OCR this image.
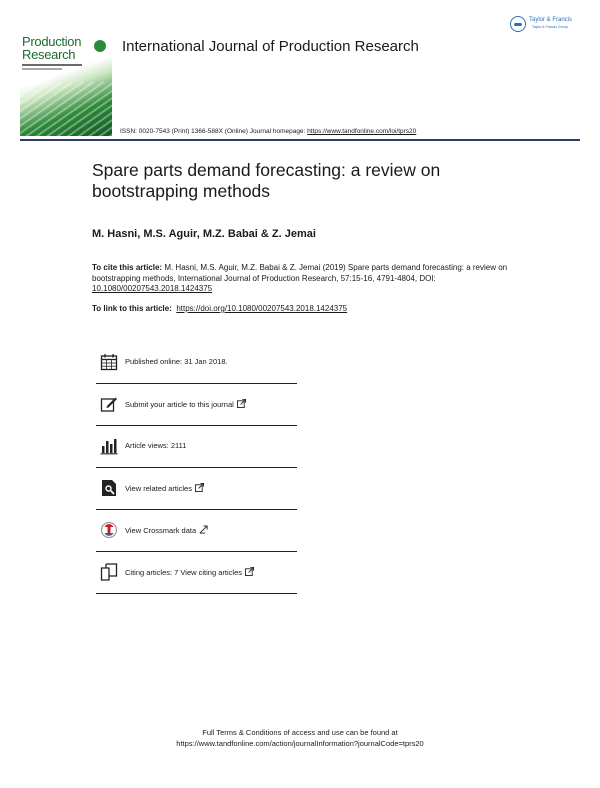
Production
Research	International Journal of Production Research
Taylor & Francis
Taylor & Francis Group
ISSN: 0020-7543 (Print) 1366-588X (Online) Journal homepage: https://www.tandfonline.com/loi/tprs20
Spare parts demand forecasting: a review on bootstrapping methods
M. Hasni, M.S. Aguir, M.Z. Babai & Z. Jemai
To cite this article: M. Hasni, M.S. Aguir, M.Z. Babai & Z. Jemai (2019) Spare parts demand forecasting: a review on bootstrapping methods, International Journal of Production Research, 57:15-16, 4791-4804, DOI: 10.1080/00207543.2018.1424375
To link to this article: https://doi.org/10.1080/00207543.2018.1424375
Published online: 31 Jan 2018.
Submit your article to this journal
Article views: 2111
View related articles
View Crossmark data
Citing articles: 7 View citing articles
Full Terms & Conditions of access and use can be found at
https://www.tandfonline.com/action/journalInformation?journalCode=tprs20
